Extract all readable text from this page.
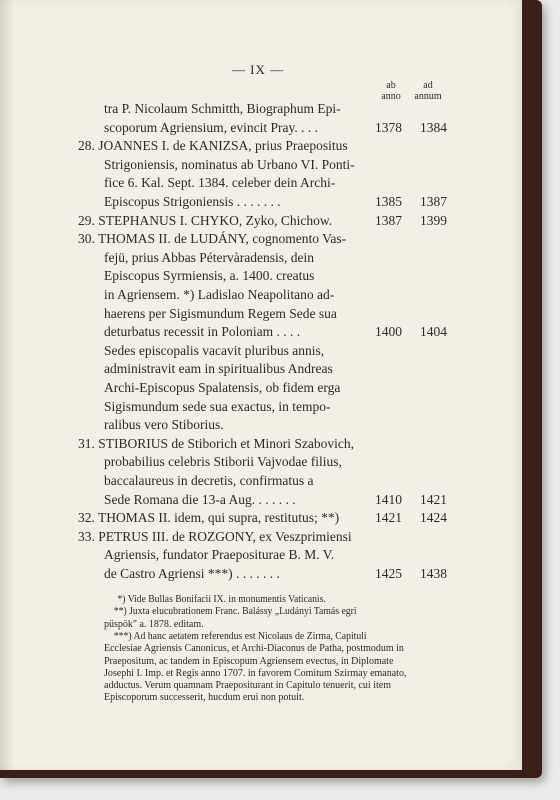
— IX —
ab
anno
ad
annum
tra P. Nicolaum Schmitth, Biographum Epi-
scoporum Agriensium, evincit Pray. . . .	1378 1384
28. JOANNES I. de KANIZSA, prius Praepositus
Strigoniensis, nominatus ab Urbano VI. Ponti-
fice 6. Kal. Sept. 1384. celeber dein Archi-
Episcopus Strigoniensis . . . . . . .	1385 1387
29. STEPHANUS I. CHYKO, Zyko, Chichow.	1387 1399
30. THOMAS II. de LUDÁNY, cognomento Vas-
fejü, prius Abbas Pétervàradensis, dein
Episcopus Syrmiensis, a. 1400. creatus
in Agriensem. *) Ladislao Neapolitano ad-
haerens per Sigismundum Regem Sede sua
deturbatus recessit in Poloniam . . . .	1400 1404
Sedes episcopalis vacavit pluribus annis,
administravit eam in spiritualibus Andreas
Archi-Episcopus Spalatensis, ob fidem erga
Sigismundum sede sua exactus, in tempo-
ralibus vero Stiborius.
31. STIBORIUS de Stiborich et Minori Szabovich,
probabilius celebris Stiborii Vajvodae filius,
baccalaureus in decretis, confirmatus a
Sede Romana die 13-a Aug. . . . . . .	1410 1421
32. THOMAS II. idem, qui supra, restitutus; **)	1421 1424
33. PETRUS III. de ROZGONY, ex Veszprimiensi
Agriensis, fundator Praepositurae B. M. V.
de Castro Agriensi ***) . . . . . . .	1425 1438
*) Vide Bullas Bonifacii IX. in monumentis Vaticanis.
**) Juxta elucubrationem Franc. Balássy „Ludányi Tamás egri
püspök" a. 1878. editam.
***) Ad hanc aetatem referendus est Nicolaus de Zirma, Capituli
Ecclesiae Agriensis Canonicus, et Archi-Diaconus de Patha, postmodum in
Praepositum, ac tandem in Episcopum Agriensem evectus, in Diplomate
Josephi I. Imp. et Regis anno 1707. in favorem Comitum Szirmay emanato,
adductus. Verum quamnam Praepositurant in Capitulo tenuerit, cui item
Episcoporum successerit, hucdum erui non potuit.
